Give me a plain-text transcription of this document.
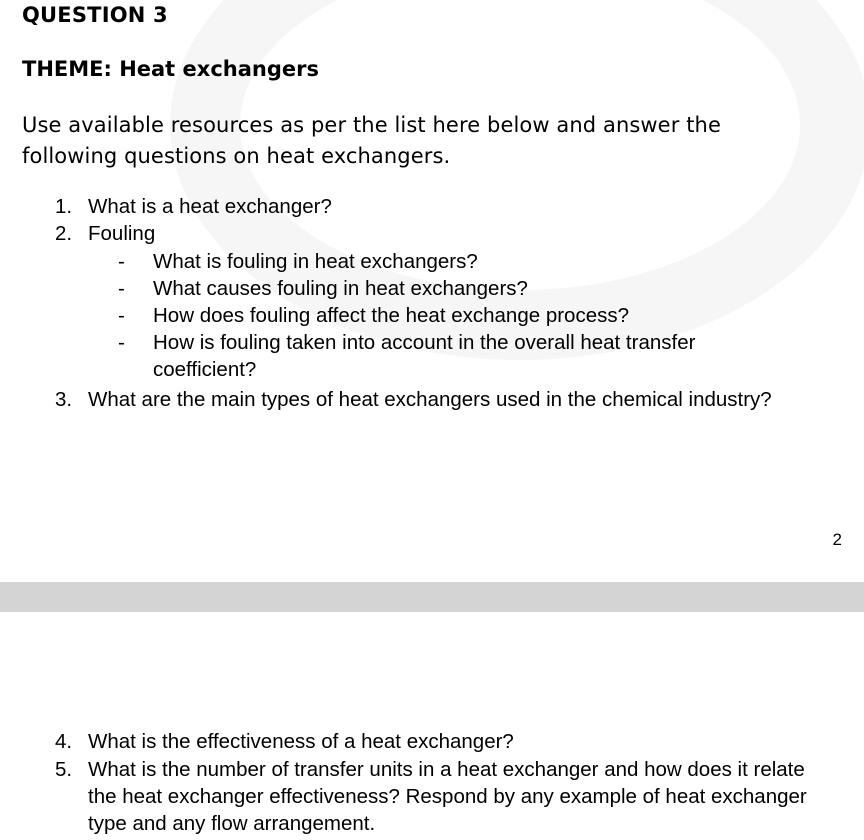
QUESTION 3
THEME: Heat exchangers
Use available resources as per the list here below and answer the following questions on heat exchangers.
1. What is a heat exchanger?
2. Fouling
- What is fouling in heat exchangers?
- What causes fouling in heat exchangers?
- How does fouling affect the heat exchange process?
- How is fouling taken into account in the overall heat transfer coefficient?
3. What are the main types of heat exchangers used in the chemical industry?
2
4. What is the effectiveness of a heat exchanger?
5. What is the number of transfer units in a heat exchanger and how does it relate the heat exchanger effectiveness? Respond by any example of heat exchanger type and any flow arrangement.
